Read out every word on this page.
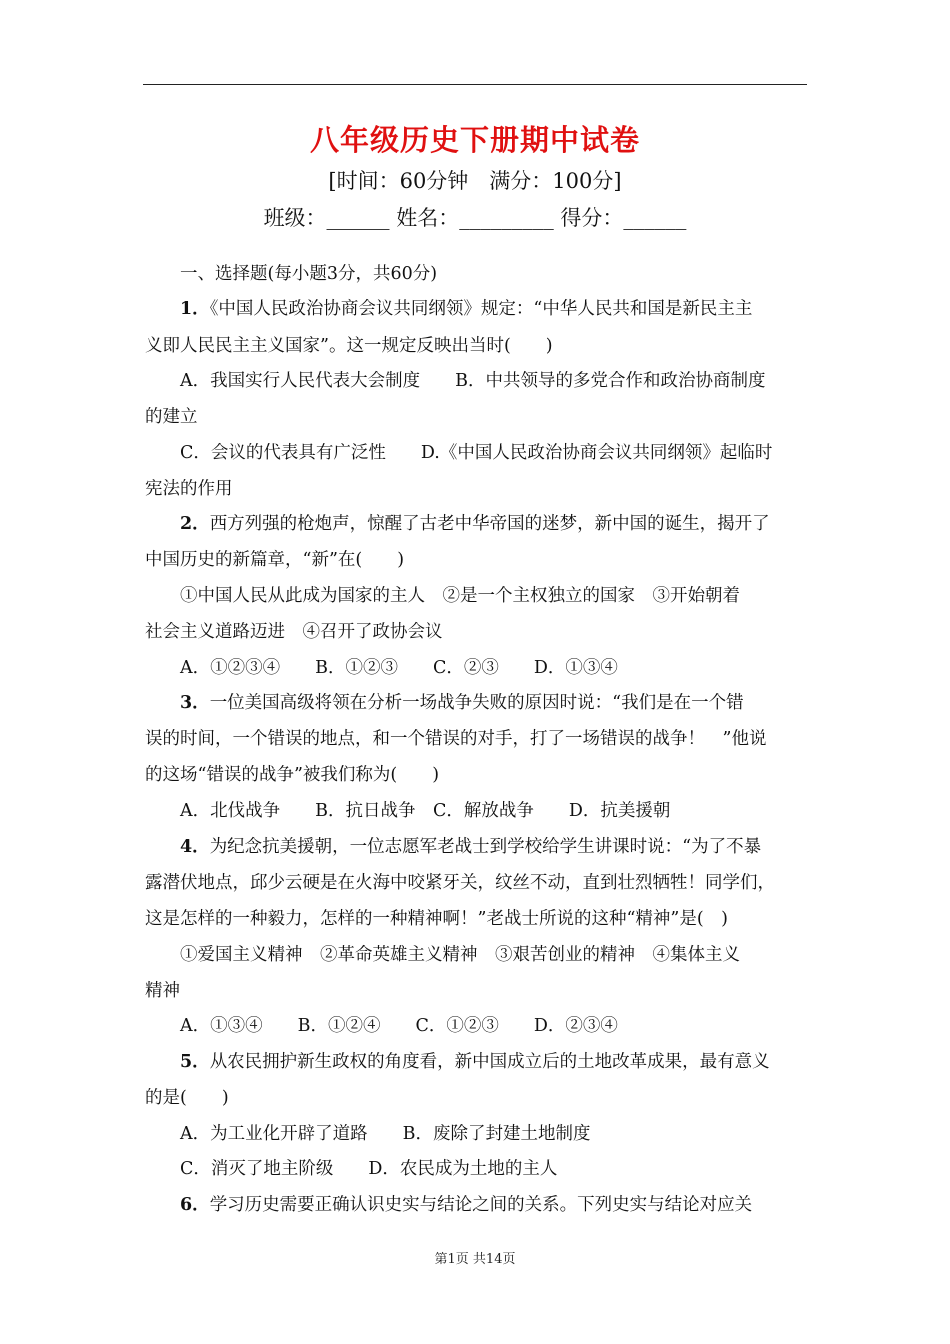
八年级历史下册期中试卷
[时间：60分钟　满分：100分]
班级：______ 姓名：_________ 得分：______
一、选择题(每小题3分，共60分)
1．《中国人民政治协商会议共同纲领》规定：“中华人民共和国是新民主主
义即人民民主主义国家”。这一规定反映出当时(　　)
A．我国实行人民代表大会制度　　B．中共领导的多党合作和政治协商制度
的建立
C．会议的代表具有广泛性　　D.《中国人民政治协商会议共同纲领》起临时
宪法的作用
2．西方列强的枪炮声，惊醒了古老中华帝国的迷梦，新中国的诞生，揭开了
中国历史的新篇章，“新”在(　　)
①中国人民从此成为国家的主人　②是一个主权独立的国家　③开始朝着
社会主义道路迈进　④召开了政协会议
A．①②③④　　B．①②③　　C．②③　　D．①③④
3．一位美国高级将领在分析一场战争失败的原因时说：“我们是在一个错
误的时间，一个错误的地点，和一个错误的对手，打了一场错误的战争！　”他说
的这场“错误的战争”被我们称为(　　)
A．北伐战争　　B．抗日战争　C．解放战争　　D．抗美援朝
4．为纪念抗美援朝，一位志愿军老战士到学校给学生讲课时说：“为了不暴
露潜伏地点，邱少云硬是在火海中咬紧牙关，纹丝不动，直到壮烈牺牲！同学们，
这是怎样的一种毅力，怎样的一种精神啊！”老战士所说的这种“精神”是(　)
①爱国主义精神　②革命英雄主义精神　③艰苦创业的精神　④集体主义
精神
A．①③④　　B．①②④　　C．①②③　　D．②③④
5．从农民拥护新生政权的角度看，新中国成立后的土地改革成果，最有意义
的是(　　)
A．为工业化开辟了道路　　B．废除了封建土地制度
C．消灭了地主阶级　　D．农民成为土地的主人
6．学习历史需要正确认识史实与结论之间的关系。下列史实与结论对应关
第1页 共14页
